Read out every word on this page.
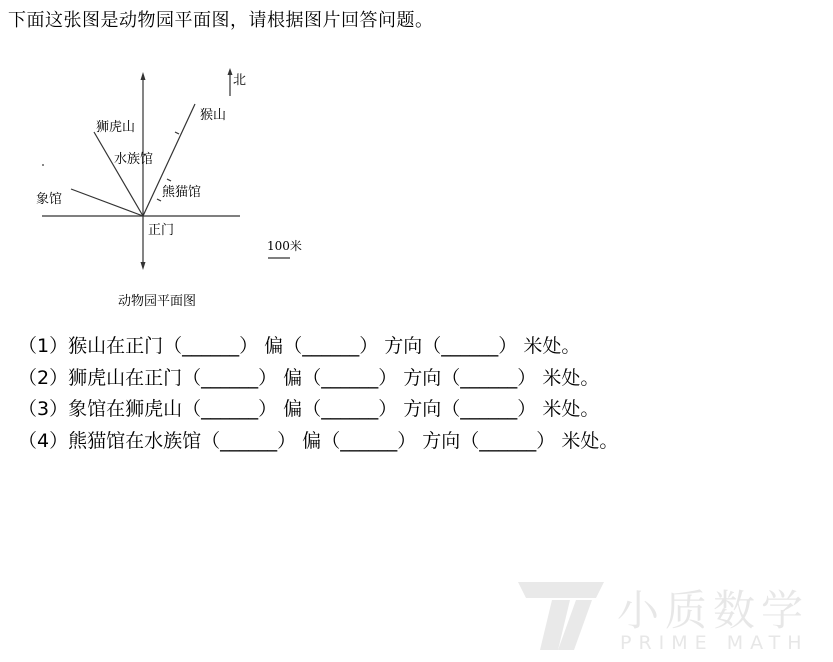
下面这张图是动物园平面图，请根据图片回答问题。
北
猴山
狮虎山
水族馆
熊猫馆
象馆
正门
100米
动物园平面图
（1）猴山在正门（______） 偏（______） 方向（______） 米处。
（2）狮虎山在正门（______） 偏（______） 方向（______） 米处。
（3）象馆在狮虎山（______） 偏（______） 方向（______） 米处。
（4）熊猫馆在水族馆（______） 偏（______） 方向（______） 米处。
小质数学
PRIME MATH
